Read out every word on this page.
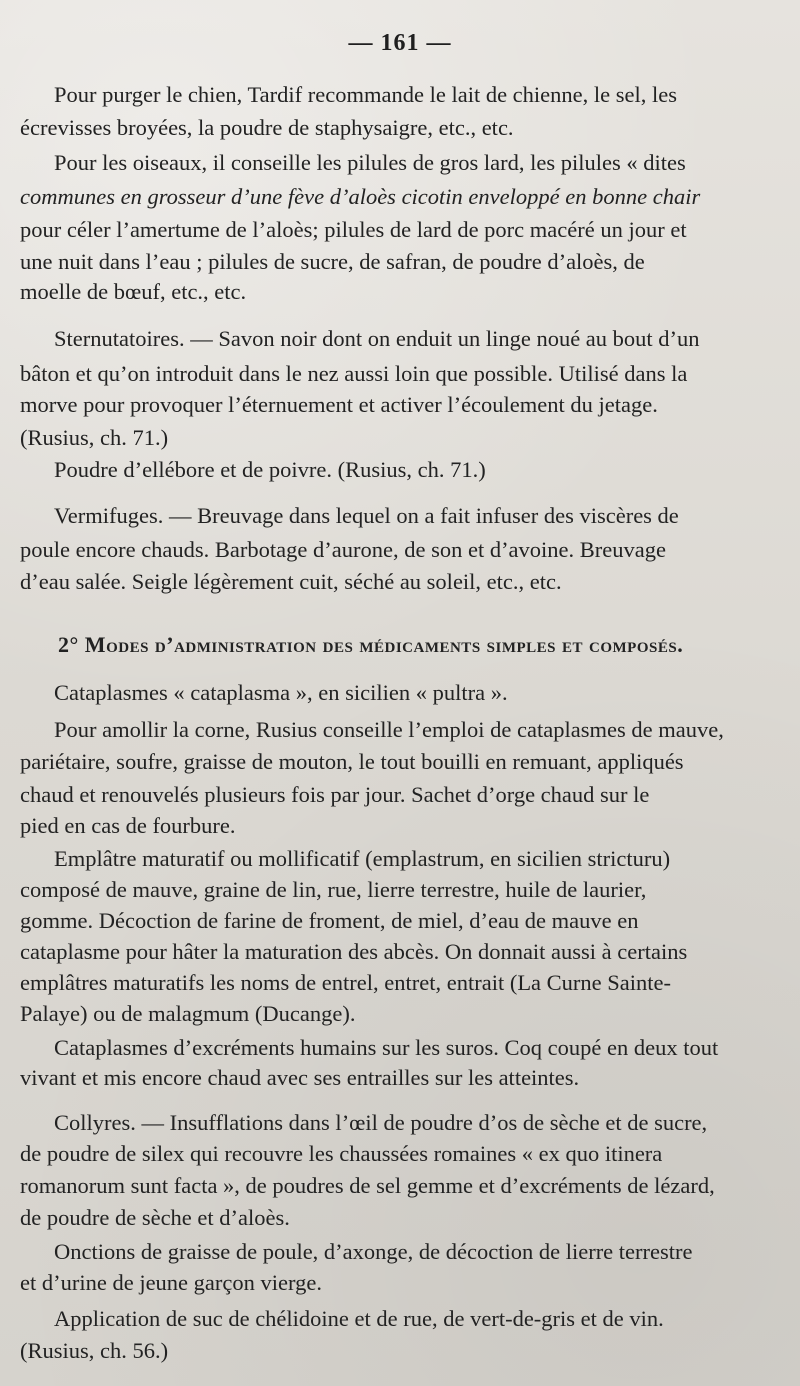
— 161 —
Pour purger le chien, Tardif recommande le lait de chienne, le sel, les
écrevisses broyées, la poudre de staphysaigre, etc., etc.
Pour les oiseaux, il conseille les pilules de gros lard, les pilules « dites
communes en grosseur d’une fève d’aloès cicotin enveloppé en bonne chair
pour céler l’amertume de l’aloès; pilules de lard de porc macéré un jour et
une nuit dans l’eau ; pilules de sucre, de safran, de poudre d’aloès, de
moelle de bœuf, etc., etc.
Sternutatoires. — Savon noir dont on enduit un linge noué au bout d’un
bâton et qu’on introduit dans le nez aussi loin que possible. Utilisé dans la
morve pour provoquer l’éternuement et activer l’écoulement du jetage.
(Rusius, ch. 71.)
Poudre d’ellébore et de poivre. (Rusius, ch. 71.)
Vermifuges. — Breuvage dans lequel on a fait infuser des viscères de
poule encore chauds. Barbotage d’aurone, de son et d’avoine. Breuvage
d’eau salée. Seigle légèrement cuit, séché au soleil, etc., etc.
2° Modes d’administration des médicaments simples et composés.
Cataplasmes « cataplasma », en sicilien « pultra ».
Pour amollir la corne, Rusius conseille l’emploi de cataplasmes de mauve,
pariétaire, soufre, graisse de mouton, le tout bouilli en remuant, appliqués
chaud et renouvelés plusieurs fois par jour. Sachet d’orge chaud sur le
pied en cas de fourbure.
Emplâtre maturatif ou mollificatif (emplastrum, en sicilien stricturu)
composé de mauve, graine de lin, rue, lierre terrestre, huile de laurier,
gomme. Décoction de farine de froment, de miel, d’eau de mauve en
cataplasme pour hâter la maturation des abcès. On donnait aussi à certains
emplâtres maturatifs les noms de entrel, entret, entrait (La Curne Sainte-
Palaye) ou de malagmum (Ducange).
Cataplasmes d’excréments humains sur les suros. Coq coupé en deux tout
vivant et mis encore chaud avec ses entrailles sur les atteintes.
Collyres. — Insufflations dans l’œil de poudre d’os de sèche et de sucre,
de poudre de silex qui recouvre les chaussées romaines « ex quo itinera
romanorum sunt facta », de poudres de sel gemme et d’excréments de lézard,
de poudre de sèche et d’aloès.
Onctions de graisse de poule, d’axonge, de décoction de lierre terrestre
et d’urine de jeune garçon vierge.
Application de suc de chélidoine et de rue, de vert-de-gris et de vin.
(Rusius, ch. 56.)
